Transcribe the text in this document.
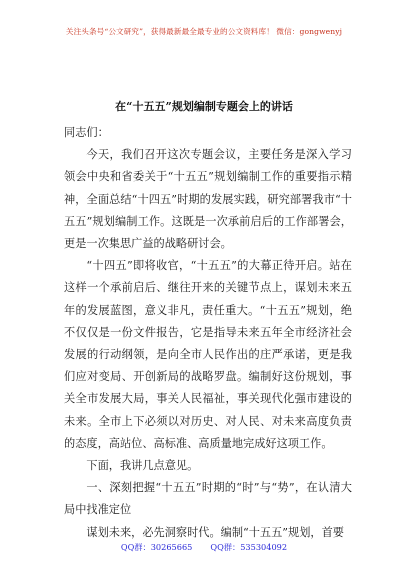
关注头条号“公文研究”，获得最新最全最专业的公文资料库！ 微信：gongwenyj
在“十五五”规划编制专题会上的讲话

同志们：

今天，我们召开这次专题会议，主要任务是深入学习领会中央和省委关于“十五五”规划编制工作的重要指示精神，全面总结“十四五”时期的发展实践，研究部署我市“十五五”规划编制工作。这既是一次承前启后的工作部署会，更是一次集思广益的战略研讨会。

“十四五”即将收官，“十五五”的大幕正待开启。站在这样一个承前启后、继往开来的关键节点上，谋划未来五年的发展蓝图，意义非凡，责任重大。“十五五”规划，绝不仅仅是一份文件报告，它是指导未来五年全市经济社会发展的行动纲领，是向全市人民作出的庄严承诺，更是我们应对变局、开创新局的战略罗盘。编制好这份规划，事关全市发展大局，事关人民福祉，事关现代化强市建设的未来。全市上下必须以对历史、对人民、对未来高度负责的态度，高站位、高标准、高质量地完成好这项工作。

下面，我讲几点意见。

一、深刻把握“十五五”时期的“时”与“势”，在认清大局中找准定位

谋划未来，必先洞察时代。编制“十五五”规划，首要

QQ群：30265665 QQ群：535304092
